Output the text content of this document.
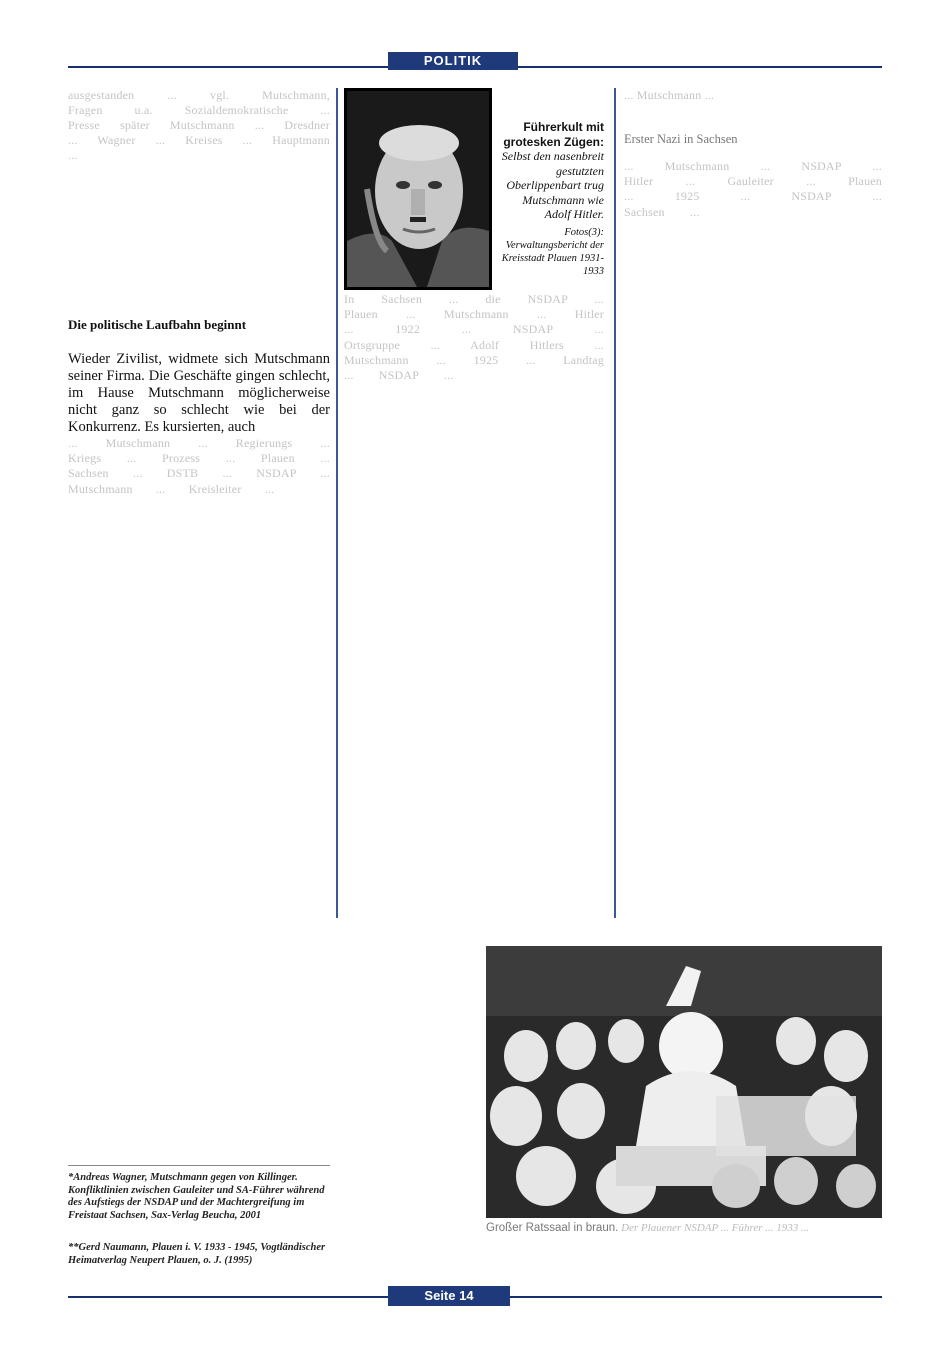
POLITIK

ausgestanden ... vgl. Mutschmann, Fragen u.a. Sozialdemokratische ... Presse später Mutschmann ... Dresdner ... Wagner ... Kreises ... Hauptmann ...

Die politische Laufbahn beginnt

Wieder Zivilist, widmete sich Mutschmann seiner Firma. Die Geschäfte gingen schlecht, im Hause Mutschmann möglicherweise nicht ganz so schlecht wie bei der Konkurrenz. Es kursierten, auch

... Mutschmann ... Regierungs ... Kriegs ... Prozess ... Plauen ... Sachsen ... DSTB ... NSDAP ... Mutschmann ... Kreisleiter ...

Führerkult mit grotesken Zügen: Selbst den nasenbreit gestutzten Oberlippenbart trug Mutschmann wie Adolf Hitler.
Fotos(3): Verwaltungsbericht der Kreisstadt Plauen 1931-1933

In Sachsen ... die NSDAP ... Plauen ... Mutschmann ... Hitler ... 1922 ... NSDAP ... Ortsgruppe ... Adolf Hitlers ... Mutschmann ... 1925 ... Landtag ... NSDAP ...

... Mutschmann ...

Erster Nazi in Sachsen

... Mutschmann ... NSDAP ... Hitler ... Gauleiter ... Plauen ... 1925 ... NSDAP ... Sachsen ...

Großer Ratssaal in braun. Der Plauener NSDAP ... Führer ... 1933 ...
*Andreas Wagner, Mutschmann gegen von Killinger. Konfliktlinien zwischen Gauleiter und SA-Führer während des Aufstiegs der NSDAP und der Machtergreifung im Freistaat Sachsen, Sax-Verlag Beucha, 2001
**Gerd Naumann, Plauen i. V. 1933 - 1945, Vogtländischer Heimatverlag Neupert Plauen, o. J. (1995)
Seite 14
